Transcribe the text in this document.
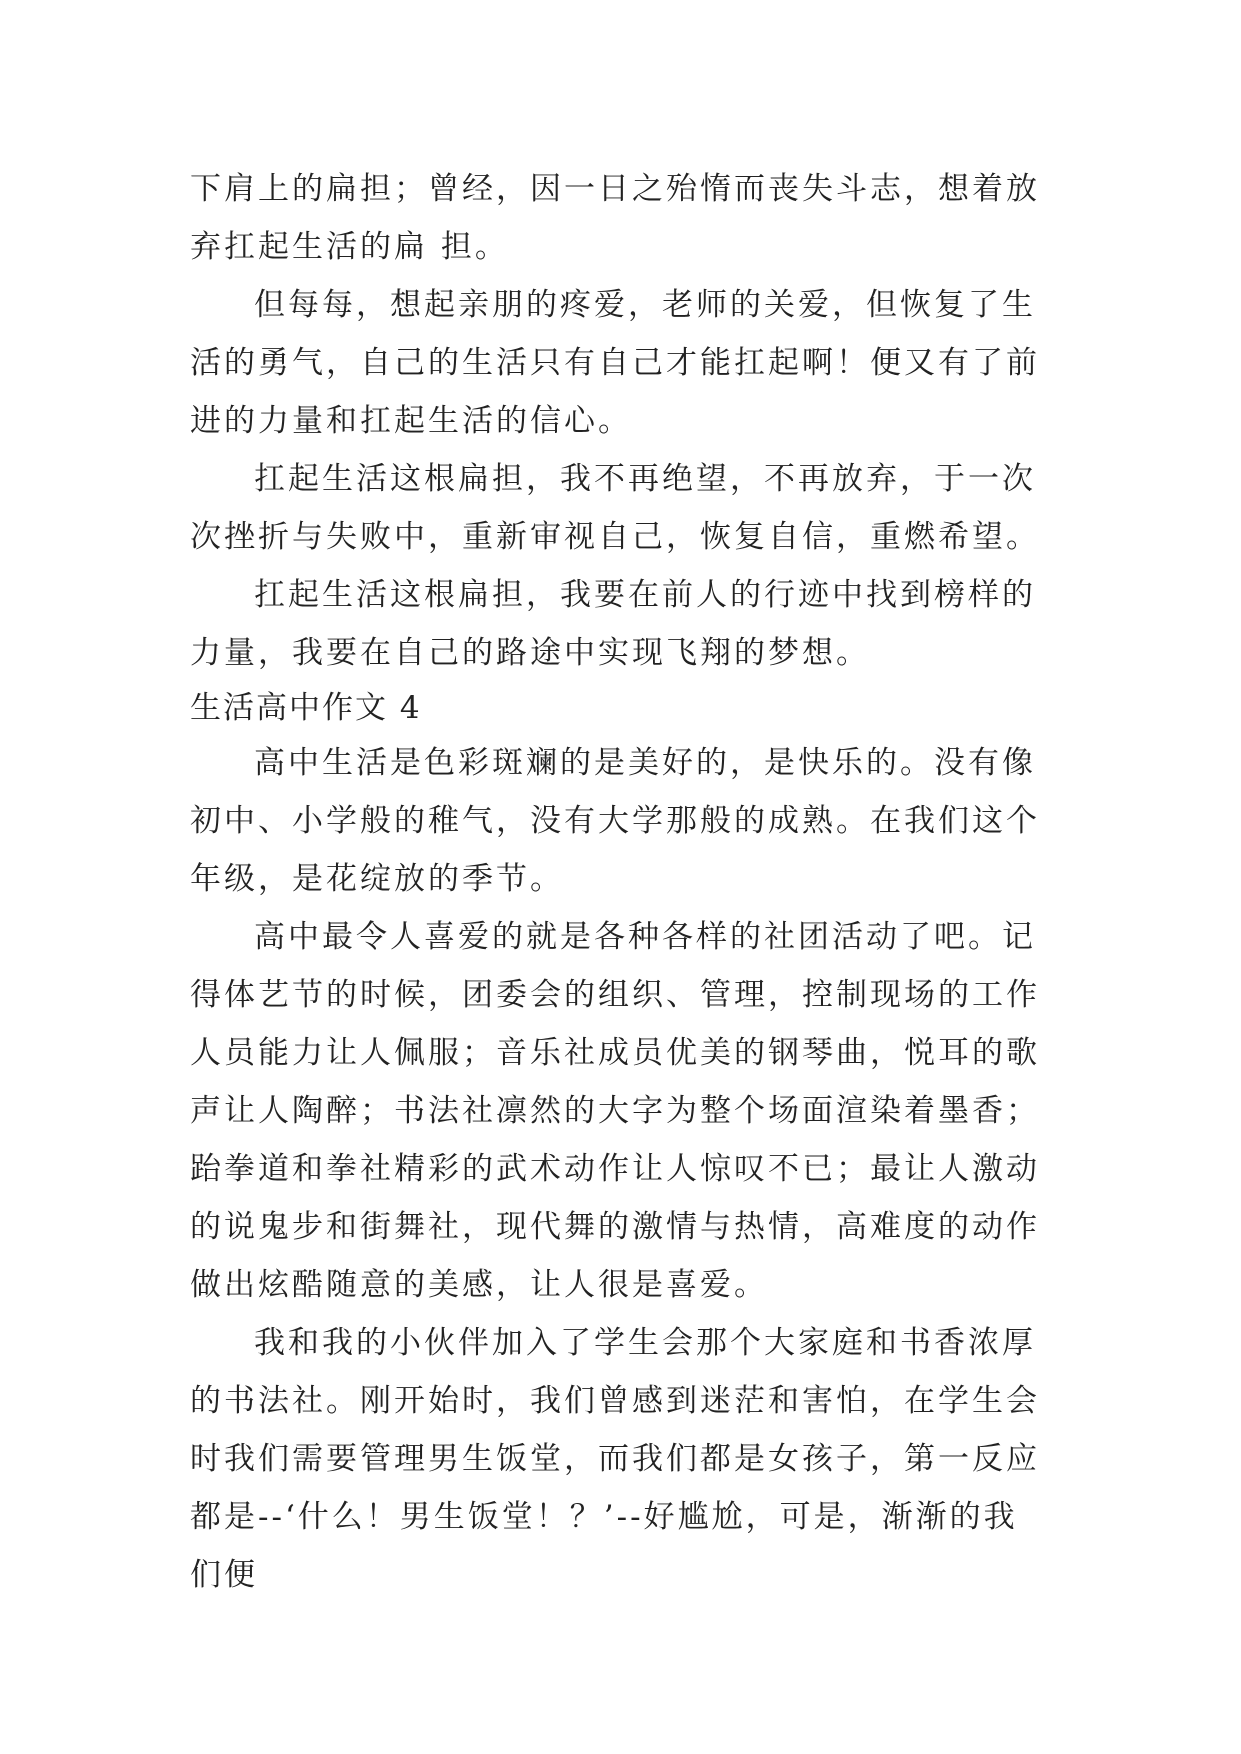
下肩上的扁担；曾经，因一日之殆惰而丧失斗志，想着放弃扛起生活的扁 担。

但每每，想起亲朋的疼爱，老师的关爱，但恢复了生活的勇气，自己的生活只有自己才能扛起啊！便又有了前进的力量和扛起生活的信心。

扛起生活这根扁担，我不再绝望，不再放弃，于一次次挫折与失败中，重新审视自己，恢复自信，重燃希望。

扛起生活这根扁担，我要在前人的行迹中找到榜样的力量，我要在自己的路途中实现飞翔的梦想。

生活高中作文 4

高中生活是色彩斑斓的是美好的，是快乐的。没有像初中、小学般的稚气，没有大学那般的成熟。在我们这个年级，是花绽放的季节。

高中最令人喜爱的就是各种各样的社团活动了吧。记得体艺节的时候，团委会的组织、管理，控制现场的工作人员能力让人佩服；音乐社成员优美的钢琴曲，悦耳的歌声让人陶醉；书法社凛然的大字为整个场面渲染着墨香；跆拳道和拳社精彩的武术动作让人惊叹不已；最让人激动的说鬼步和街舞社，现代舞的激情与热情，高难度的动作做出炫酷随意的美感，让人很是喜爱。

我和我的小伙伴加入了学生会那个大家庭和书香浓厚的书法社。刚开始时，我们曾感到迷茫和害怕，在学生会时我们需要管理男生饭堂，而我们都是女孩子，第一反应都是--‘什么！男生饭堂！？’--好尴尬，可是，渐渐的我们便
